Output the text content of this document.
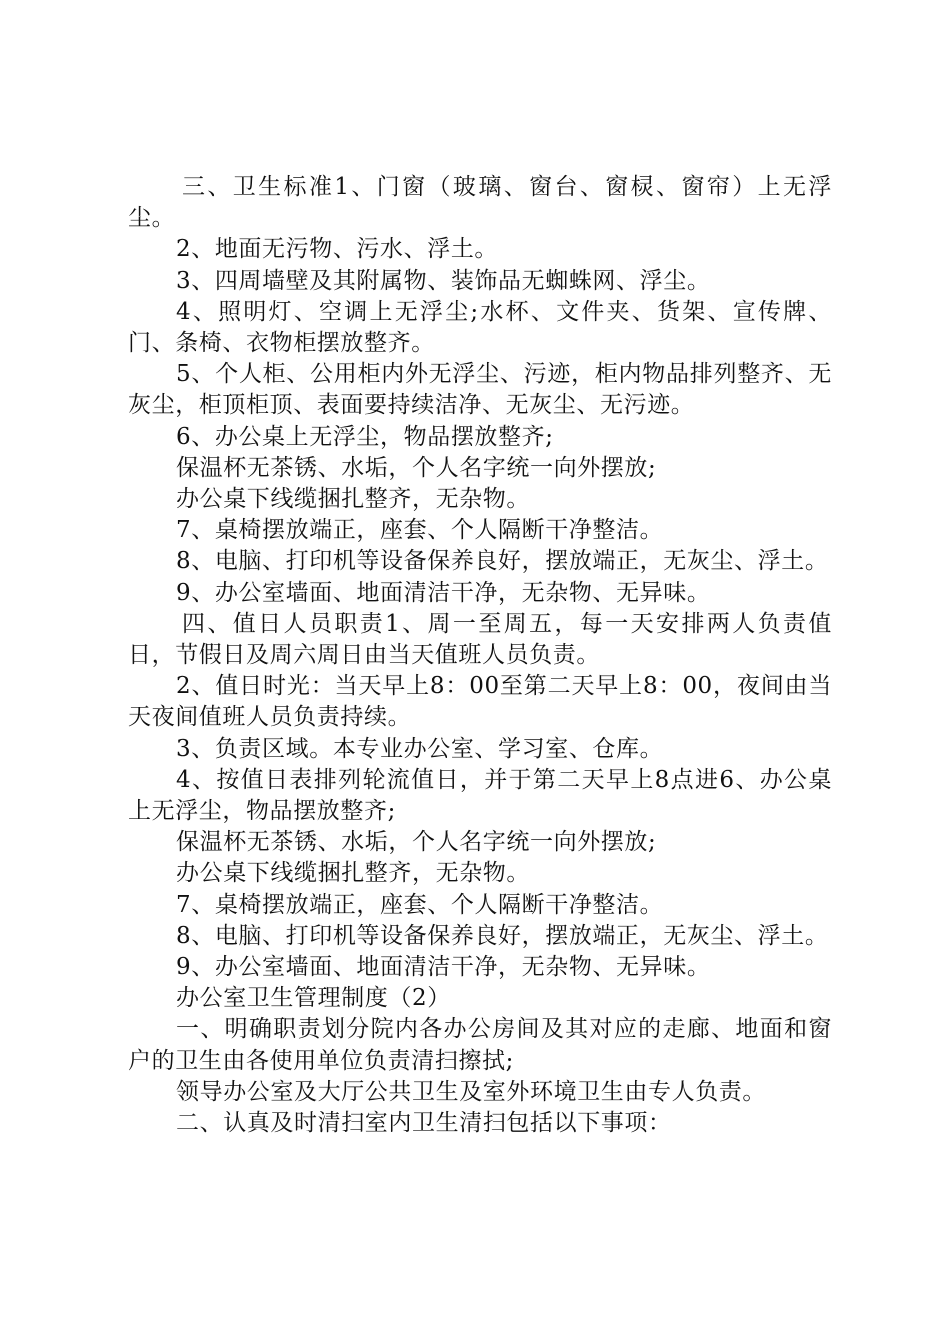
三、卫生标准1、门窗（玻璃、窗台、窗棂、窗帘）上无浮尘。

2、地面无污物、污水、浮土。

3、四周墙壁及其附属物、装饰品无蜘蛛网、浮尘。

4、照明灯、空调上无浮尘;水杯、文件夹、货架、宣传牌、门、条椅、衣物柜摆放整齐。

5、个人柜、公用柜内外无浮尘、污迹，柜内物品排列整齐、无灰尘，柜顶柜顶、表面要持续洁净、无灰尘、无污迹。

6、办公桌上无浮尘，物品摆放整齐;

保温杯无茶锈、水垢，个人名字统一向外摆放;

办公桌下线缆捆扎整齐，无杂物。

7、桌椅摆放端正，座套、个人隔断干净整洁。

8、电脑、打印机等设备保养良好，摆放端正，无灰尘、浮土。

9、办公室墙面、地面清洁干净，无杂物、无异味。

四、值日人员职责1、周一至周五，每一天安排两人负责值日，节假日及周六周日由当天值班人员负责。

2、值日时光：当天早上8：00至第二天早上8：00，夜间由当天夜间值班人员负责持续。

3、负责区域。本专业办公室、学习室、仓库。

4、按值日表排列轮流值日，并于第二天早上8点进6、办公桌上无浮尘，物品摆放整齐;

保温杯无茶锈、水垢，个人名字统一向外摆放;

办公桌下线缆捆扎整齐，无杂物。

7、桌椅摆放端正，座套、个人隔断干净整洁。

8、电脑、打印机等设备保养良好，摆放端正，无灰尘、浮土。

9、办公室墙面、地面清洁干净，无杂物、无异味。

办公室卫生管理制度（2）

一、明确职责划分院内各办公房间及其对应的走廊、地面和窗户的卫生由各使用单位负责清扫擦拭;

领导办公室及大厅公共卫生及室外环境卫生由专人负责。

二、认真及时清扫室内卫生清扫包括以下事项：
